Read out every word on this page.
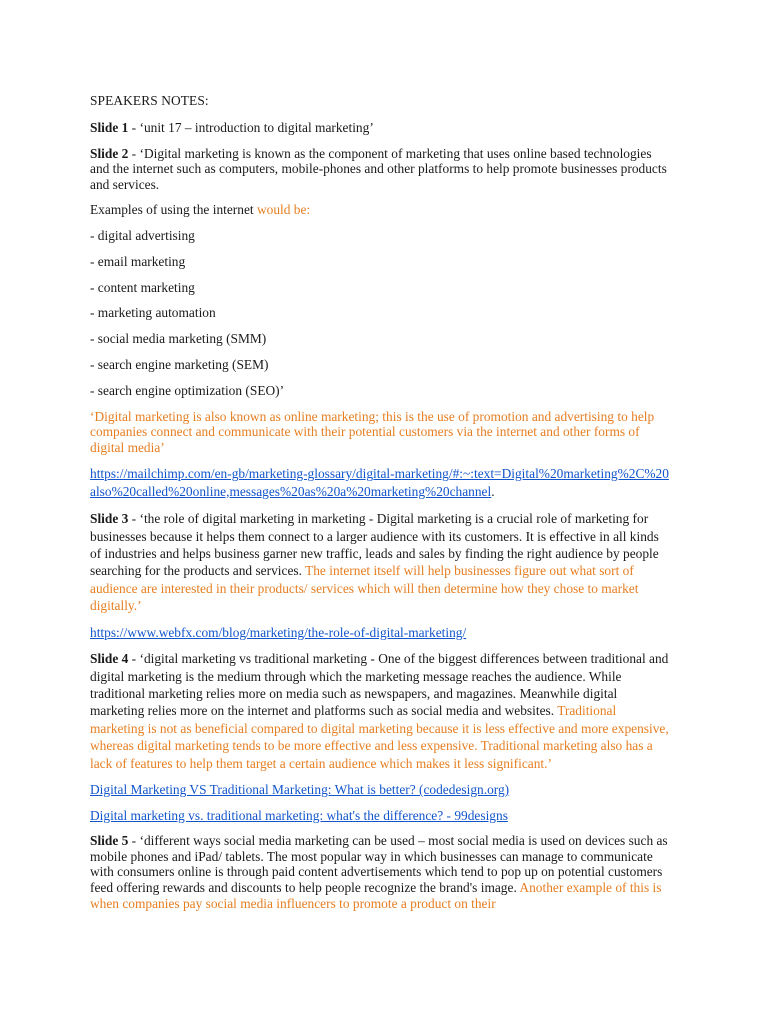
SPEAKERS NOTES:

Slide 1 - ‘unit 17 – introduction to digital marketing’

Slide 2 - ‘Digital marketing is known as the component of marketing that uses online based technologies and the internet such as computers, mobile-phones and other platforms to help promote businesses products and services.

Examples of using the internet would be:

- digital advertising

- email marketing

- content marketing

- marketing automation

- social media marketing (SMM)

- search engine marketing (SEM)

- search engine optimization (SEO)’

‘Digital marketing is also known as online marketing; this is the use of promotion and advertising to help companies connect and communicate with their potential customers via the internet and other forms of digital media’

https://mailchimp.com/en-gb/marketing-glossary/digital-marketing/#:~:text=Digital%20marketing%2C%20also%20called%20online,messages%20as%20a%20marketing%20channel.

Slide 3 - ‘the role of digital marketing in marketing - Digital marketing is a crucial role of marketing for businesses because it helps them connect to a larger audience with its customers. It is effective in all kinds of industries and helps business garner new traffic, leads and sales by finding the right audience by people searching for the products and services. The internet itself will help businesses figure out what sort of audience are interested in their products/ services which will then determine how they chose to market digitally.’

https://www.webfx.com/blog/marketing/the-role-of-digital-marketing/

Slide 4 - ‘digital marketing vs traditional marketing - One of the biggest differences between traditional and digital marketing is the medium through which the marketing message reaches the audience. While traditional marketing relies more on media such as newspapers, and magazines. Meanwhile digital marketing relies more on the internet and platforms such as social media and websites. Traditional marketing is not as beneficial compared to digital marketing because it is less effective and more expensive, whereas digital marketing tends to be more effective and less expensive. Traditional marketing also has a lack of features to help them target a certain audience which makes it less significant.’

Digital Marketing VS Traditional Marketing: What is better? (codedesign.org)

Digital marketing vs. traditional marketing: what's the difference? - 99designs

Slide 5 - ‘different ways social media marketing can be used – most social media is used on devices such as mobile phones and iPad/ tablets. The most popular way in which businesses can manage to communicate with consumers online is through paid content advertisements which tend to pop up on potential customers feed offering rewards and discounts to help people recognize the brand's image. Another example of this is when companies pay social media influencers to promote a product on their
